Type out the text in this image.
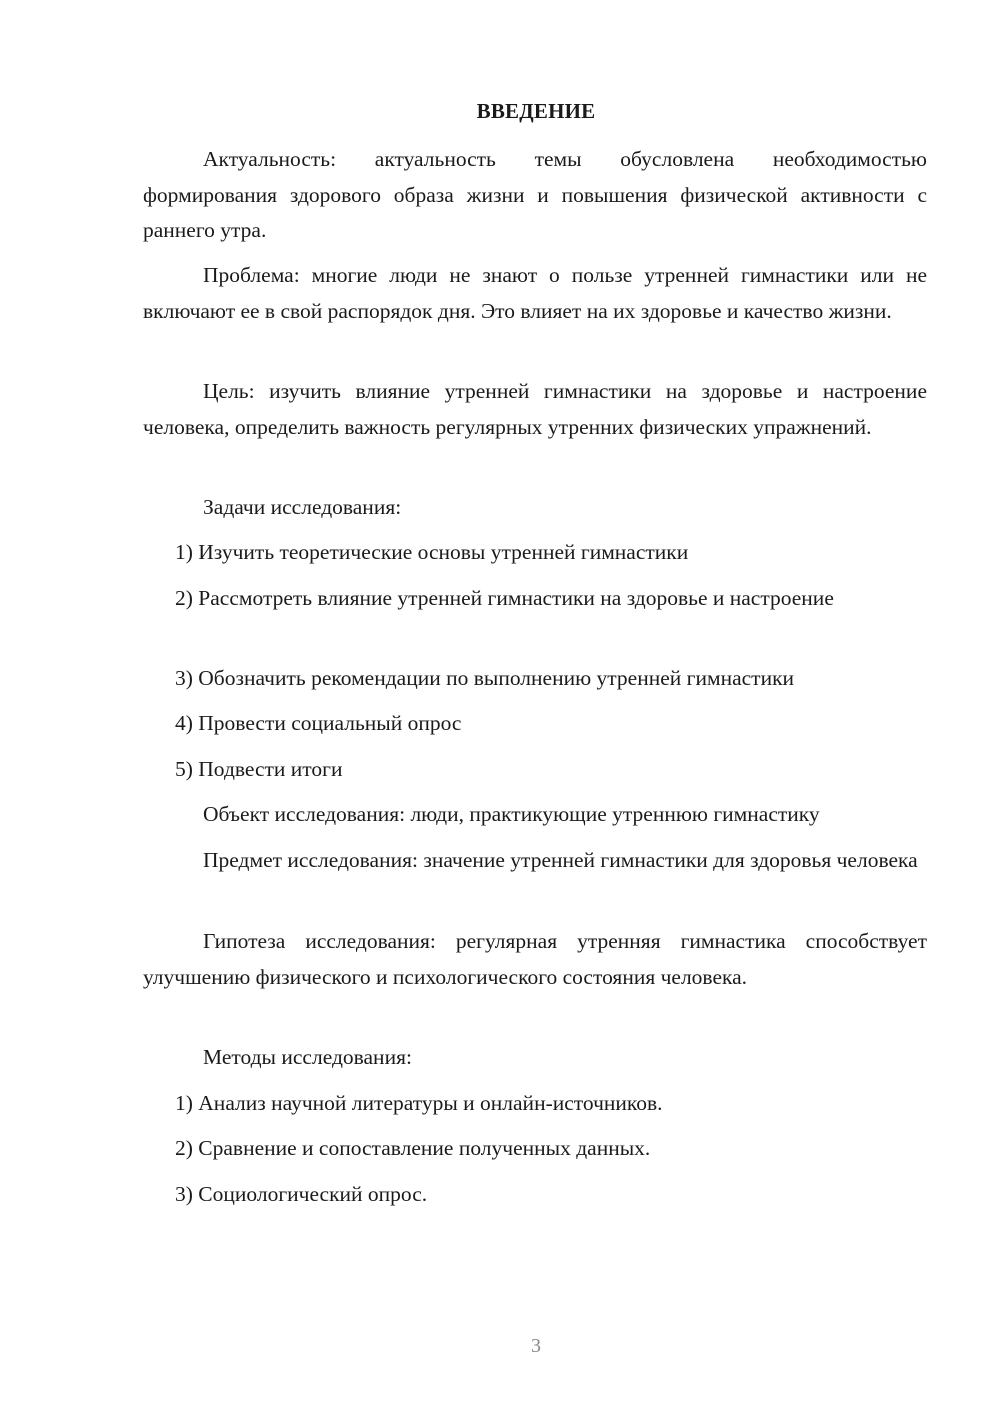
ВВЕДЕНИЕ

Актуальность: актуальность темы обусловлена необходимостью формирования здорового образа жизни и повышения физической активности с раннего утра.

Проблема: многие люди не знают о пользе утренней гимнастики или не включают ее в свой распорядок дня. Это влияет на их здоровье и качество жизни.

Цель: изучить влияние утренней гимнастики на здоровье и настроение человека, определить важность регулярных утренних физических упражнений.

Задачи исследования:

1) Изучить теоретические основы утренней гимнастики

2) Рассмотреть влияние утренней гимнастики на здоровье и настроение

3) Обозначить рекомендации по выполнению утренней гимнастики

4) Провести социальный опрос

5) Подвести итоги

Объект исследования: люди, практикующие утреннюю гимнастику

Предмет исследования: значение утренней гимнастики для здоровья человека

Гипотеза исследования: регулярная утренняя гимнастика способствует улучшению физического и психологического состояния человека.

Методы исследования:

1) Анализ научной литературы и онлайн-источников.

2) Сравнение и сопоставление полученных данных.

3) Социологический опрос.

3
